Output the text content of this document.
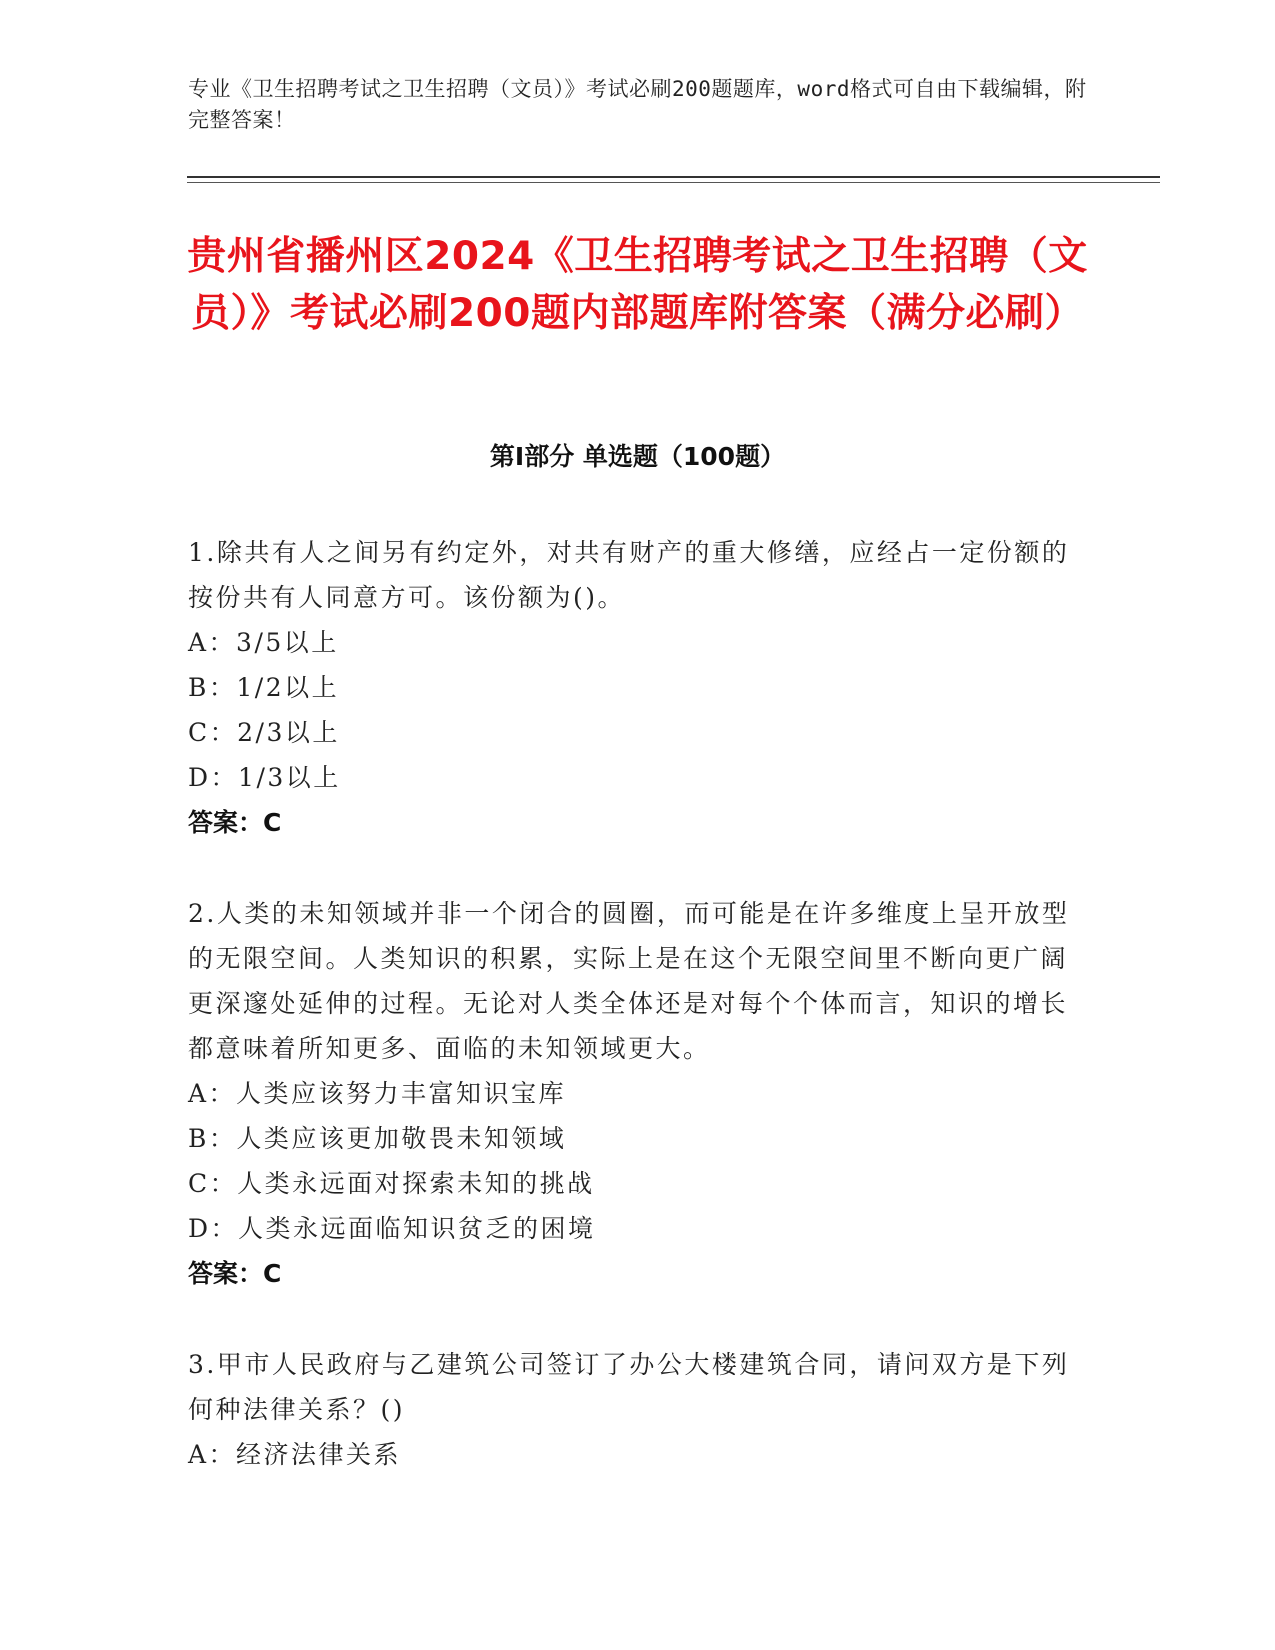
专业《卫生招聘考试之卫生招聘（文员）》考试必刷200题题库，word格式可自由下载编辑，附完整答案！
贵州省播州区2024《卫生招聘考试之卫生招聘（文员）》考试必刷200题内部题库附答案（满分必刷）
第Ⅰ部分 单选题（100题）

1.除共有人之间另有约定外，对共有财产的重大修缮，应经占一定份额的按份共有人同意方可。该份额为()。

A：3/5以上
B：1/2以上
C：2/3以上
D：1/3以上

答案：C

2.人类的未知领域并非一个闭合的圆圈，而可能是在许多维度上呈开放型的无限空间。人类知识的积累，实际上是在这个无限空间里不断向更广阔更深邃处延伸的过程。无论对人类全体还是对每个个体而言，知识的增长都意味着所知更多、面临的未知领域更大。

A：人类应该努力丰富知识宝库
B：人类应该更加敬畏未知领域
C：人类永远面对探索未知的挑战
D：人类永远面临知识贫乏的困境

答案：C

3.甲市人民政府与乙建筑公司签订了办公大楼建筑合同，请问双方是下列何种法律关系？()

A：经济法律关系
